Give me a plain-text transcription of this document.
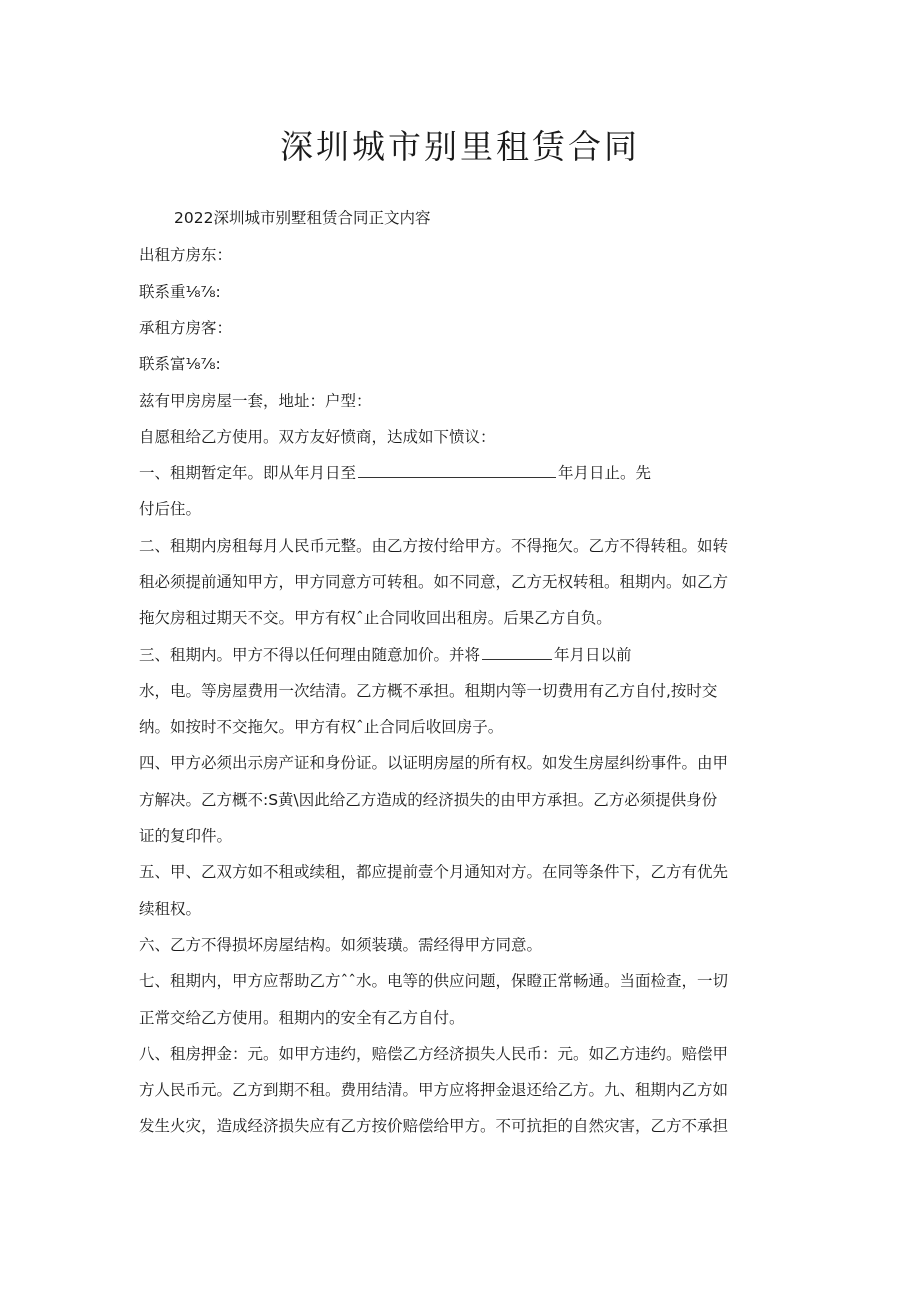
深圳城市别里租赁合同
2022深圳城市别墅租赁合同正文内容
出租方房东：
联系重⅛⅞:
承租方房客：
联系富⅛⅞:
兹有甲房房屋一套，地址：户型：
自愿租给乙方使用。双方友好愤商，达成如下愤议：
一、租期暂定年。即从年月日至	年月日止。先
付后住。
二、租期内房租每月人民币元整。由乙方按付给甲方。不得拖欠。乙方不得转租。如转
租必须提前通知甲方，甲方同意方可转租。如不同意，乙方无权转租。租期内。如乙方
拖欠房租过期天不交。甲方有权ˆ止合同收回出租房。后果乙方自负。
三、租期内。甲方不得以任何理由随意加价。并将	年月日以前
水，电。等房屋费用一次结清。乙方概不承担。租期内等一切费用有乙方自付,按时交
纳。如按时不交拖欠。甲方有权ˆ止合同后收回房子。
四、甲方必须出示房产证和身份证。以证明房屋的所有权。如发生房屋纠纷事件。由甲
方解决。乙方概不:S黄\因此给乙方造成的经济损失的由甲方承担。乙方必须提供身份
证的复印件。
五、甲、乙双方如不租或续租，都应提前壹个月通知对方。在同等条件下，乙方有优先
续租权。
六、乙方不得损坏房屋结构。如须装璜。需经得甲方同意。
七、租期内，甲方应帮助乙方ˆˆ水。电等的供应问题，保瞪正常畅通。当面检查，一切
正常交给乙方使用。租期内的安全有乙方自付。
八、租房押金：元。如甲方违约，赔偿乙方经济损失人民币：元。如乙方违约。赔偿甲
方人民币元。乙方到期不租。费用结清。甲方应将押金退还给乙方。九、租期内乙方如
发生火灾，造成经济损失应有乙方按价赔偿给甲方。不可抗拒的自然灾害，乙方不承担
